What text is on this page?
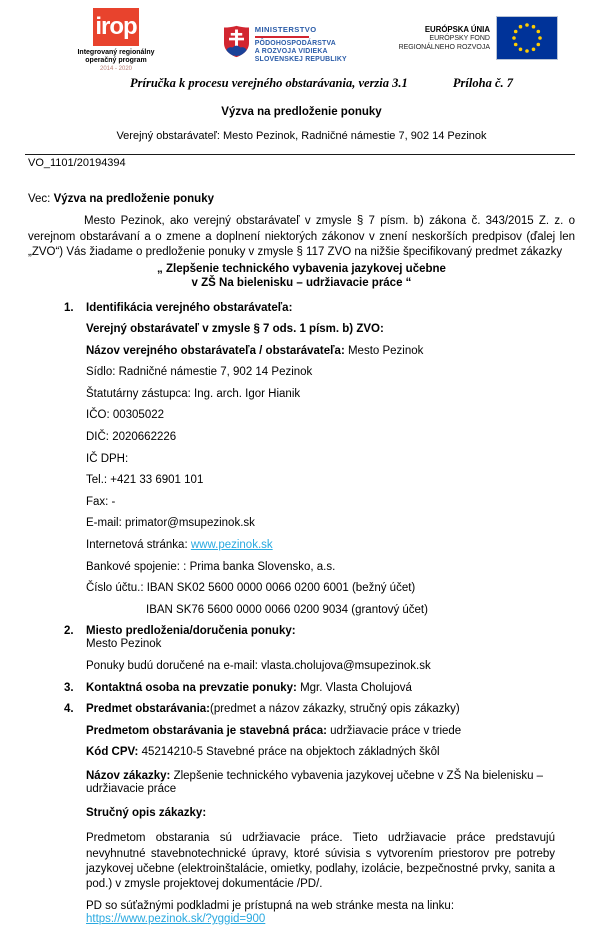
irop
Integrovaný regionálny
operačný program
2014 - 2020
MINISTERSTVO
PÔDOHOSPODÁRSTVA
A ROZVOJA VIDIEKA
SLOVENSKEJ REPUBLIKY
EURÓPSKA ÚNIA
EURÓPSKY FOND
REGIONÁLNEHO ROZVOJA
Príručka k procesu verejného obstarávania, verzia 3.1	Príloha č. 7
Výzva na predloženie ponuky
Verejný obstarávateľ: Mesto Pezinok, Radničné námestie 7, 902 14 Pezinok
VO_1101/20194394
Vec: Výzva na predloženie ponuky

Mesto Pezinok, ako verejný obstarávateľ v zmysle § 7 písm. b) zákona č. 343/2015 Z. z. o verejnom obstarávaní a o zmene a doplnení niektorých zákonov v znení neskorších predpisov (ďalej len „ZVO“) Vás žiadame o predloženie ponuky v zmysle § 117 ZVO na nižšie špecifikovaný predmet zákazky

„ Zlepšenie technického vybavenia jazykovej učebne
v ZŠ Na bielenisku – udržiavacie práce “
1.	Identifikácia verejného obstarávateľa:
Verejný obstarávateľ v zmysle § 7 ods. 1 písm. b) ZVO:
Názov verejného obstarávateľa / obstarávateľa: Mesto Pezinok
Sídlo: Radničné námestie 7, 902 14 Pezinok
Štatutárny zástupca: Ing. arch. Igor Hianik
IČO: 00305022
DIČ: 2020662226
IČ DPH:
Tel.: +421 33 6901 101
Fax: -
E-mail: primator@msupezinok.sk
Internetová stránka: www.pezinok.sk
Bankové spojenie: : Prima banka Slovensko, a.s.
Číslo účtu.: IBAN SK02 5600 0000 0066 0200 6001 (bežný účet)
IBAN SK76 5600 0000 0066 0200 9034 (grantový účet)
2.	Miesto predloženia/doručenia ponuky:
Mesto Pezinok
Ponuky budú doručené na e-mail: vlasta.cholujova@msupezinok.sk
3.	Kontaktná osoba na prevzatie ponuky: Mgr. Vlasta Cholujová
4.	Predmet obstarávania:(predmet a názov zákazky, stručný opis zákazky)
Predmetom obstarávania je stavebná práca: udržiavacie práce v triede
Kód CPV: 45214210-5 Stavebné práce na objektoch základných škôl
Názov zákazky: Zlepšenie technického vybavenia jazykovej učebne v ZŠ Na bielenisku – udržiavacie práce
Stručný opis zákazky:

Predmetom obstarania sú udržiavacie práce. Tieto udržiavacie práce predstavujú nevyhnutné stavebnotechnické úpravy, ktoré súvisia s vytvorením priestorov pre potreby jazykovej učebne (elektroinštalácie, omietky, podlahy, izolácie, bezpečnostné prvky, sanita a pod.) v zmysle projektovej dokumentácie /PD/.

PD so súťažnými podkladmi je prístupná na web stránke mesta na linku:
https://www.pezinok.sk/?yggid=900
